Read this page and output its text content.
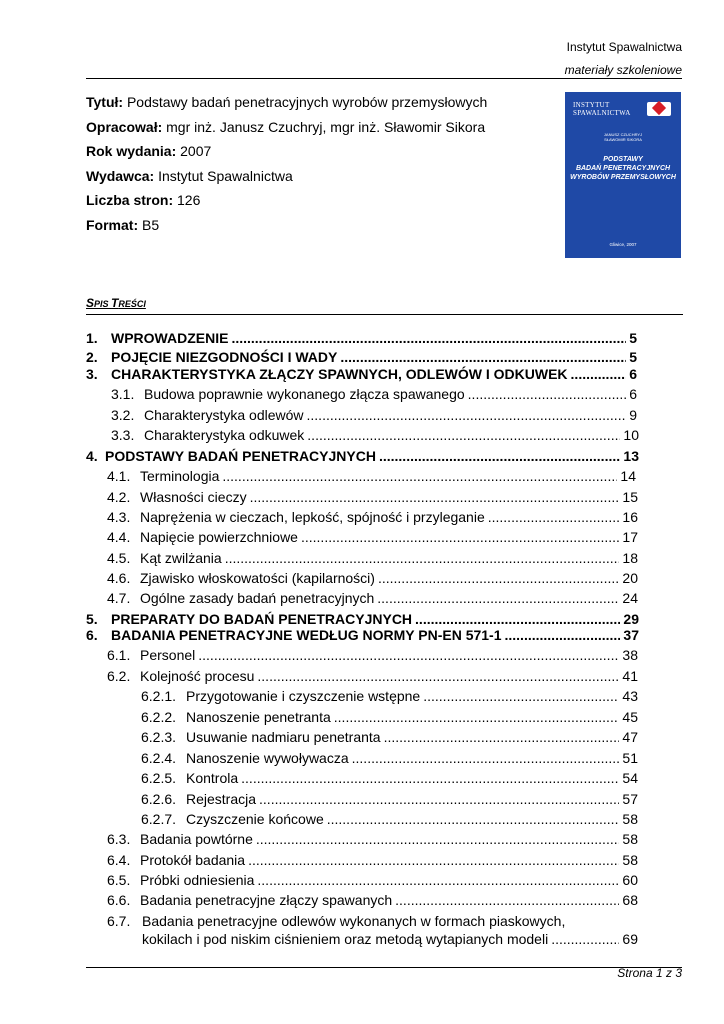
Instytut Spawalnictwa
materiały szkoleniowe
Tytuł: Podstawy badań penetracyjnych wyrobów przemysłowych
Opracował: mgr inż. Janusz Czuchryj, mgr inż. Sławomir Sikora
Rok wydania: 2007
Wydawca: Instytut Spawalnictwa
Liczba stron: 126
Format: B5
INSTYTUT
SPAWALNICTWA
JANUSZ CZUCHRYJ
SŁAWOMIR SIKORA
PODSTAWY
BADAŃ PENETRACYJNYCH
WYROBÓW PRZEMYSŁOWYCH
Gliwice, 2007
SPIS TREŚCI
1. WPROWADZENIE .....	5
2. POJĘCIE NIEZGODNOŚCI I WADY .....	5
3. CHARAKTERYSTYKA ZŁĄCZY SPAWNYCH, ODLEWÓW I ODKUWEK .....	6
3.1. Budowa poprawnie wykonanego złącza spawanego .....	6
3.2. Charakterystyka odlewów .....	9
3.3. Charakterystyka odkuwek .....	10
4. PODSTAWY BADAŃ PENETRACYJNYCH .....	13
4.1. Terminologia .....	14
4.2. Własności cieczy .....	15
4.3. Naprężenia w cieczach, lepkość, spójność i przyleganie .....	16
4.4. Napięcie powierzchniowe .....	17
4.5. Kąt zwilżania .....	18
4.6. Zjawisko włoskowatości (kapilarności) .....	20
4.7. Ogólne zasady badań penetracyjnych .....	24
5. PREPARATY DO BADAŃ PENETRACYJNYCH .....	29
6. BADANIA PENETRACYJNE WEDŁUG NORMY PN-EN 571-1 .....	37
6.1. Personel .....	38
6.2. Kolejność procesu .....	41
6.2.1. Przygotowanie i czyszczenie wstępne .....	43
6.2.2. Nanoszenie penetranta .....	45
6.2.3. Usuwanie nadmiaru penetranta .....	47
6.2.4. Nanoszenie wywoływacza .....	51
6.2.5. Kontrola .....	54
6.2.6. Rejestracja .....	57
6.2.7. Czyszczenie końcowe .....	58
6.3. Badania powtórne .....	58
6.4. Protokół badania .....	58
6.5. Próbki odniesienia .....	60
6.6. Badania penetracyjne złączy spawanych .....	68
6.7. Badania penetracyjne odlewów wykonanych w formach piaskowych,
kokilach i pod niskim ciśnieniem oraz metodą wytapianych modeli .....	69
Strona 1 z 3
